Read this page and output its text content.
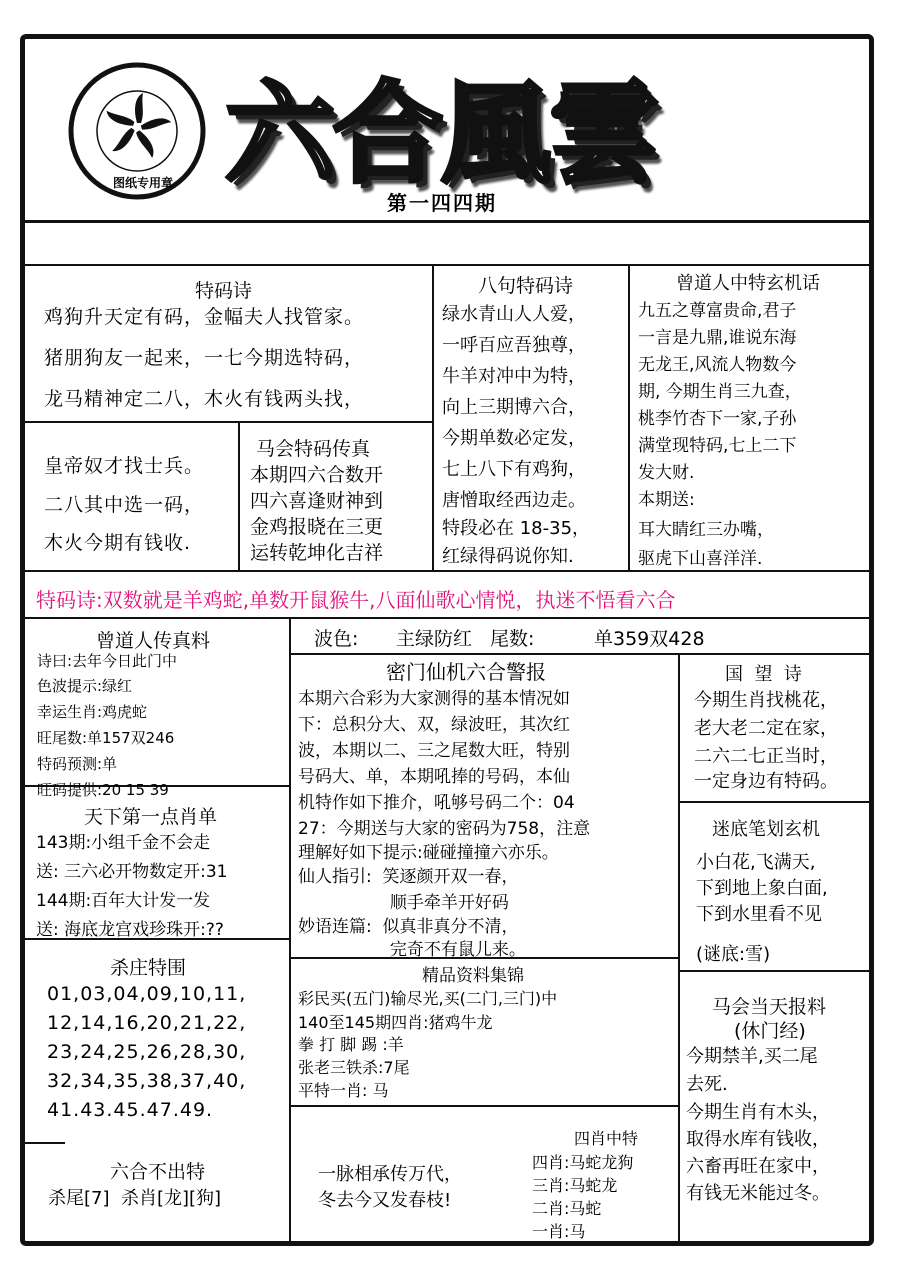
图纸专用章 六合風雲
第一四四期
特码诗
鸡狗升天定有码，金幅夫人找管家。
猪朋狗友一起来，一七今期选特码，
龙马精神定二八，木火有钱两头找，
皇帝奴才找士兵。
二八其中选一码，
木火今期有钱收.
马会特码传真
本期四六合数开
四六喜逢财神到
金鸡报晓在三更
运转乾坤化吉祥
八句特码诗
绿水青山人人爱，
一呼百应吾独尊，
牛羊对冲中为特，
向上三期博六合，
今期单数必定发，
七上八下有鸡狗，
唐憎取经西边走。
特段必在 18-35，
红绿得码说你知.
曾道人中特玄机话
九五之尊富贵命,君子
一言是九鼎,谁说东海
无龙王,风流人物数今
期, 今期生肖三九查，
桃李竹杏下一家,子孙
满堂现特码,七上二下
发大财.
本期送:
耳大睛红三办嘴，
驱虎下山喜洋洋.
特码诗:双数就是羊鸡蛇,单数开鼠猴牛,八面仙歌心情悦，执迷不悟看六合
曾道人传真料
诗曰:去年今日此门中
色波提示:绿红
幸运生肖:鸡虎蛇
旺尾数:单157双246
特码预测:单
旺码提供:20 15 39
波色: 主绿防红 尾数:	单359双428
密门仙机六合警报
本期六合彩为大家测得的基本情况如
下：总积分大、双，绿波旺，其次红
波，本期以二、三之尾数大旺，特别
号码大、单，本期吼捧的号码，本仙
机特作如下推介，吼够号码二个：04
27：今期送与大家的密码为758，注意
理解好如下提示:碰碰撞撞六亦乐。
仙人指引:  笑逐颜开双一春，
顺手牵羊开好码
妙语连篇:  似真非真分不清，
完奇不有鼠儿来。
国  望  诗
今期生肖找桃花，
老大老二定在家，
二六二七正当时，
一定身边有特码。
天下第一点肖单
143期:小组千金不会走
送: 三六必开物数定开:31
144期:百年大计发一发
送: 海底龙宫戏珍珠开:??
迷底笔划玄机
小白花,飞满天,
下到地上象白面,
下到水里看不见
(谜底:雪)
杀庄特围
01,03,04,09,10,11,
12,14,16,20,21,22,
23,24,25,26,28,30,
32,34,35,38,37,40,
41.43.45.47.49.
精品资料集锦
彩民买(五门)输尽光,买(二门,三门)中
140至145期四肖:猪鸡牛龙
拳 打 脚 踢 :羊
张老三铁杀:7尾
平特一肖: 马
马会当天报料
(休门经)
今期禁羊,买二尾
去死.
今期生肖有木头，
取得水库有钱收，
六畜再旺在家中，
有钱无米能过冬。
六合不出特
杀尾[7]  杀肖[龙][狗]
一脉相承传万代，
冬去今又发春枝!
四肖中特
四肖:马蛇龙狗
三肖:马蛇龙
二肖:马蛇
一肖:马
